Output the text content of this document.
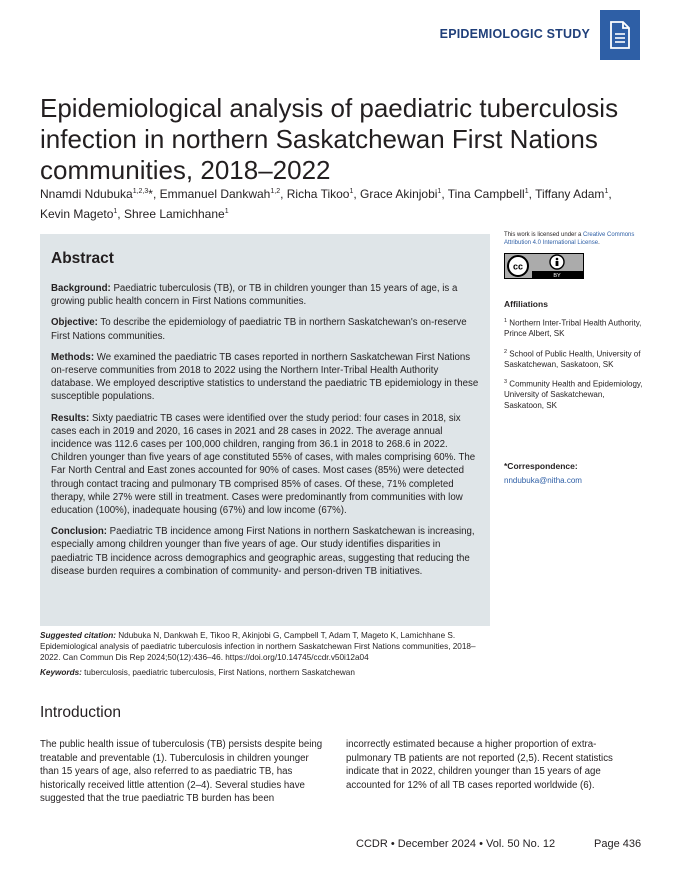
EPIDEMIOLOGIC STUDY
Epidemiological analysis of paediatric tuberculosis infection in northern Saskatchewan First Nations communities, 2018–2022
Nnamdi Ndubuka$^{1,2,3}$*, Emmanuel Dankwah$^{1,2}$, Richa Tikoo$^1$, Grace Akinjobi$^1$, Tina Campbell$^1$, Tiffany Adam$^1$, Kevin Mageto$^1$, Shree Lamichhane$^1$
Abstract

Background: Paediatric tuberculosis (TB), or TB in children younger than 15 years of age, is a growing public health concern in First Nations communities.

Objective: To describe the epidemiology of paediatric TB in northern Saskatchewan's on-reserve First Nations communities.

Methods: We examined the paediatric TB cases reported in northern Saskatchewan First Nations on-reserve communities from 2018 to 2022 using the Northern Inter-Tribal Health Authority database. We employed descriptive statistics to understand the paediatric TB epidemiology in these susceptible populations.

Results: Sixty paediatric TB cases were identified over the study period: four cases in 2018, six cases each in 2019 and 2020, 16 cases in 2021 and 28 cases in 2022. The average annual incidence was 112.6 cases per 100,000 children, ranging from 36.1 in 2018 to 268.6 in 2022. Children younger than five years of age constituted 55% of cases, with males comprising 60%. The Far North Central and East zones accounted for 90% of cases. Most cases (85%) were detected through contact tracing and pulmonary TB comprised 85% of cases. Of these, 71% completed therapy, while 27% were still in treatment. Cases were predominantly from communities with low education (100%), inadequate housing (67%) and low income (67%).

Conclusion: Paediatric TB incidence among First Nations in northern Saskatchewan is increasing, especially among children younger than five years of age. Our study identifies disparities in paediatric TB incidence across demographics and geographic areas, suggesting that reducing the disease burden requires a combination of community- and person-driven TB initiatives.

This work is licensed under a Creative Commons Attribution 4.0 International License.
cc
BY
Affiliations
$^1$ Northern Inter-Tribal Health Authority, Prince Albert, SK
$^2$ School of Public Health, University of Saskatchewan, Saskatoon, SK
$^3$ Community Health and Epidemiology, University of Saskatchewan, Saskatoon, SK
*Correspondence:
nndubuka@nitha.com
Suggested citation: Ndubuka N, Dankwah E, Tikoo R, Akinjobi G, Campbell T, Adam T, Mageto K, Lamichhane S. Epidemiological analysis of paediatric tuberculosis infection in northern Saskatchewan First Nations communities, 2018–2022. Can Commun Dis Rep 2024;50(12):436–46. https://doi.org/10.14745/ccdr.v50i12a04
Keywords: tuberculosis, paediatric tuberculosis, First Nations, northern Saskatchewan
Introduction
The public health issue of tuberculosis (TB) persists despite being treatable and preventable (1). Tuberculosis in children younger than 15 years of age, also referred to as paediatric TB, has historically received little attention (2–4). Several studies have suggested that the true paediatric TB burden has been
incorrectly estimated because a higher proportion of extra-pulmonary TB patients are not reported (2,5). Recent statistics indicate that in 2022, children younger than 15 years of age accounted for 12% of all TB cases reported worldwide (6).
CCDR • December 2024 • Vol. 50 No. 12	Page 436
